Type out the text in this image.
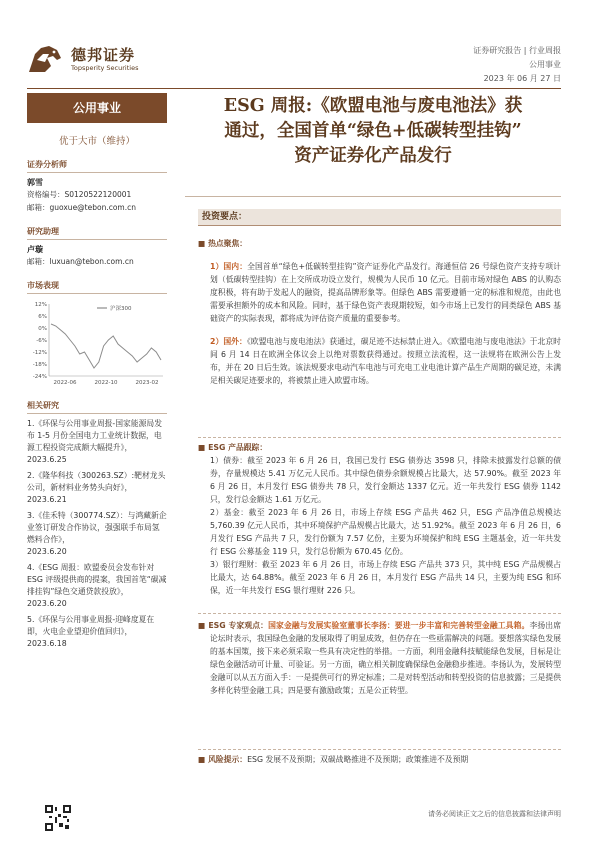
德邦证券
Topsperity Securities
证券研究报告 | 行业周报
公用事业
2023 年 06 月 27 日
公用事业
优于大市（维持）
证券分析师
郭雪
资格编号：S0120522120001
邮箱：guoxue@tebon.com.cn
研究助理
卢璇
邮箱：luxuan@tebon.com.cn
市场表现
12%
6%
0%
-6%
-12%
-18%
-24%
2022-06	2022-10	2023-02
沪深300
相关研究
1.《环保与公用事业周报-国家能源局发布 1-5 月份全国电力工业统计数据，电源工程投资完成额大幅提升》，
2023.6.25
2.《隆华科技（300263.SZ）:靶材龙头公司，新材料业务势头向好》，
2023.6.21
3.《佳禾特（300774.SZ）：与鸿藏新企业签订研发合作协议，强强联手布局氢燃料合作》，
2023.6.20
4.《ESG 周报：欧盟委员会发布针对 ESG 评级提供商的提案，我国首笔“碳减排挂钩”绿色交通贷款投放》，
2023.6.20
5.《环保与公用事业周报-迎峰度夏在即，火电企业望迎价值回归》，
2023.6.18
ESG 周报:《欧盟电池与废电池法》获
通过，全国首单“绿色+低碳转型挂钩”
资产证券化产品发行
投资要点：
■ 热点聚焦：
1）国内：全国首单“绿色+低碳转型挂钩”资产证券化产品发行。海通恒信 26 号绿色资产支持专项计划（低碳转型挂钩）在上交所成功设立发行，规模为人民币 10 亿元。目前市场对绿色 ABS 的认购态度积极，将有助于发起人的融资，提高品牌形象等。但绿色 ABS 需要遵循一定的标准和规范，由此也需要承担额外的成本和风险。同时，基于绿色资产表现期较短，如今市场上已发行的同类绿色 ABS 基础资产的实际表现，都将成为评估资产质量的重要参考。
2）国外：《欧盟电池与废电池法》获通过，碳足迹不达标禁止进入。《欧盟电池与废电池法》于北京时间 6 月 14 日在欧洲全体议会上以绝对票数获得通过。按照立法流程，这一法规将在欧洲公告上发布，并在 20 日后生效。该法规要求电动汽车电池与可充电工业电池计算产品生产周期的碳足迹，未满足相关碳足迹要求的，将被禁止进入欧盟市场。
■ ESG 产品跟踪：
1）债券：截至 2023 年 6 月 26 日，我国已发行 ESG 债券达 3598 只，排除未披露发行总额的债券，存量规模达 5.41 万亿元人民币。其中绿色债券余额规模占比最大，达 57.90%。截至 2023 年 6 月 26 日，本月发行 ESG 债券共 78 只，发行金额达 1337 亿元。近一年共发行 ESG 债券 1142 只，发行总金额达 1.61 万亿元。
2）基金：截至 2023 年 6 月 26 日，市场上存续 ESG 产品共 462 只，ESG 产品净值总规模达 5,760.39 亿元人民币，其中环境保护产品规模占比最大，达 51.92%。截至 2023 年 6 月 26 日，6 月发行 ESG 产品共 7 只，发行份额为 7.57 亿份，主要为环境保护和纯 ESG 主题基金，近一年共发行 ESG 公募基金 119 只，发行总份额为 670.45 亿份。
3）银行理财：截至 2023 年 6 月 26 日，市场上存续 ESG 产品共 373 只，其中纯 ESG 产品规模占比最大，达 64.88%。截至 2023 年 6 月 26 日，本月发行 ESG 产品共 14 只，主要为纯 ESG 和环保，近一年共发行 ESG 银行理财 226 只。
■ ESG 专家观点：国家金融与发展实验室董事长李扬：要进一步丰富和完善转型金融工具箱。李扬出席论坛时表示，我国绿色金融的发展取得了明显成效，但仍存在一些亟需解决的问题。要想落实绿色发展的基本国策，接下来必须采取一些具有决定性的举措。一方面，利用金融科技赋能绿色发展，目标是让绿色金融活动可计量、可验证。另一方面，确立相关制度确保绿色金融稳步推进。李扬认为，发展转型金融可以从五方面入手：一是提供可行的界定标准；二是对转型活动和转型投资的信息披露；三是提供多样化转型金融工具；四是要有激励政策；五是公正转型。
■ 风险提示：ESG 发展不及预期；双碳战略推进不及预期；政策推进不及预期
请务必阅读正文之后的信息披露和法律声明
